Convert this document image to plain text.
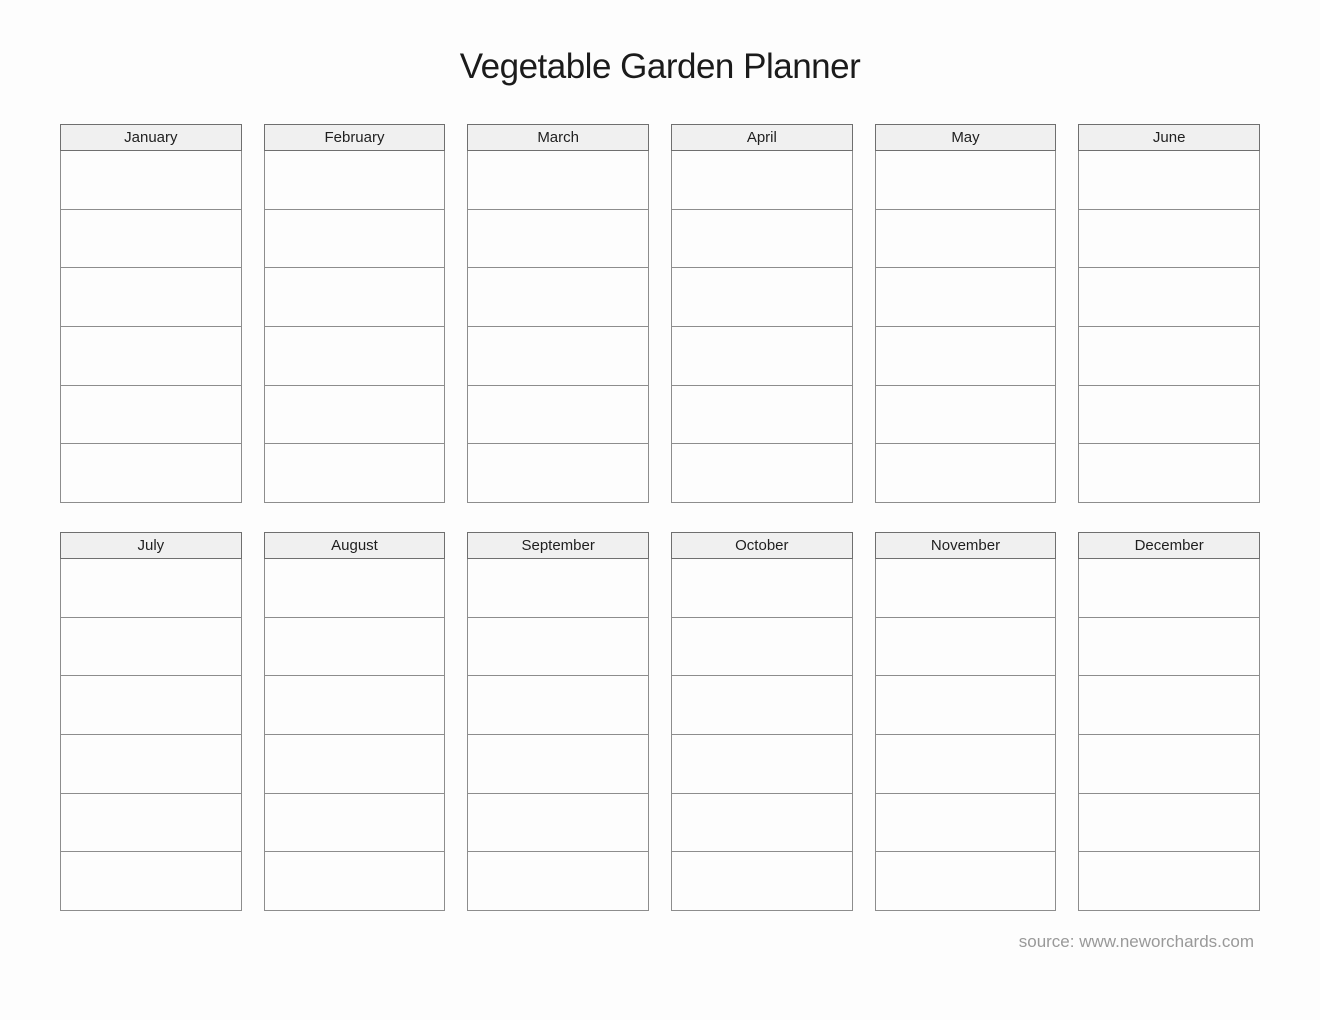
Vegetable Garden Planner
January	February	March	April	May	June
July	August	September	October	November	December
source: www.neworchards.com
